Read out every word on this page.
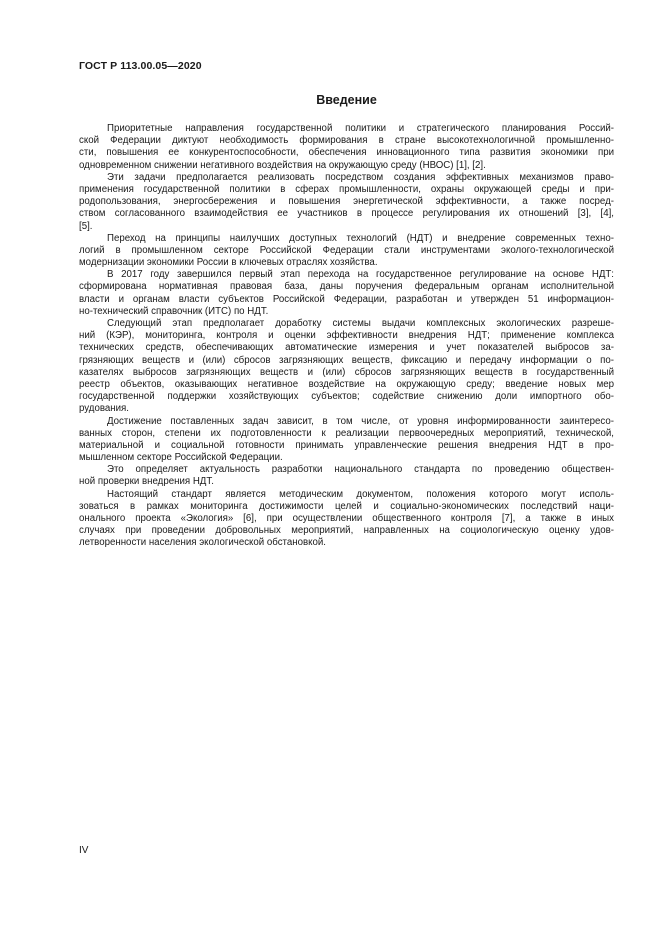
ГОСТ Р 113.00.05—2020
Введение
Приоритетные направления государственной политики и стратегического планирования Россий-
ской Федерации диктуют необходимость формирования в стране высокотехнологичной промышленно-
сти, повышения ее конкурентоспособности, обеспечения инновационного типа развития экономики при
одновременном снижении негативного воздействия на окружающую среду (НВОС) [1], [2].
Эти задачи предполагается реализовать посредством создания эффективных механизмов право-
применения государственной политики в сферах промышленности, охраны окружающей среды и при-
родопользования, энергосбережения и повышения энергетической эффективности, а также посред-
ством согласованного взаимодействия ее участников в процессе регулирования их отношений [3], [4],
[5].
Переход на принципы наилучших доступных технологий (НДТ) и внедрение современных техно-
логий в промышленном секторе Российской Федерации стали инструментами эколого-технологической
модернизации экономики России в ключевых отраслях хозяйства.
В 2017 году завершился первый этап перехода на государственное регулирование на основе НДТ:
сформирована нормативная правовая база, даны поручения федеральным органам исполнительной
власти и органам власти субъектов Российской Федерации, разработан и утвержден 51 информацион-
но-технический справочник (ИТС) по НДТ.
Следующий этап предполагает доработку системы выдачи комплексных экологических разреше-
ний (КЭР), мониторинга, контроля и оценки эффективности внедрения НДТ; применение комплекса
технических средств, обеспечивающих автоматические измерения и учет показателей выбросов за-
грязняющих веществ и (или) сбросов загрязняющих веществ, фиксацию и передачу информации о по-
казателях выбросов загрязняющих веществ и (или) сбросов загрязняющих веществ в государственный
реестр объектов, оказывающих негативное воздействие на окружающую среду; введение новых мер
государственной поддержки хозяйствующих субъектов; содействие снижению доли импортного обо-
рудования.
Достижение поставленных задач зависит, в том числе, от уровня информированности заинтересо-
ванных сторон, степени их подготовленности к реализации первоочередных мероприятий, технической,
материальной и социальной готовности принимать управленческие решения внедрения НДТ в про-
мышленном секторе Российской Федерации.
Это определяет актуальность разработки национального стандарта по проведению обществен-
ной проверки внедрения НДТ.
Настоящий стандарт является методическим документом, положения которого могут исполь-
зоваться в рамках мониторинга достижимости целей и социально-экономических последствий наци-
онального проекта «Экология» [6], при осуществлении общественного контроля [7], а также в иных
случаях при проведении добровольных мероприятий, направленных на социологическую оценку удов-
летворенности населения экологической обстановкой.
IV
